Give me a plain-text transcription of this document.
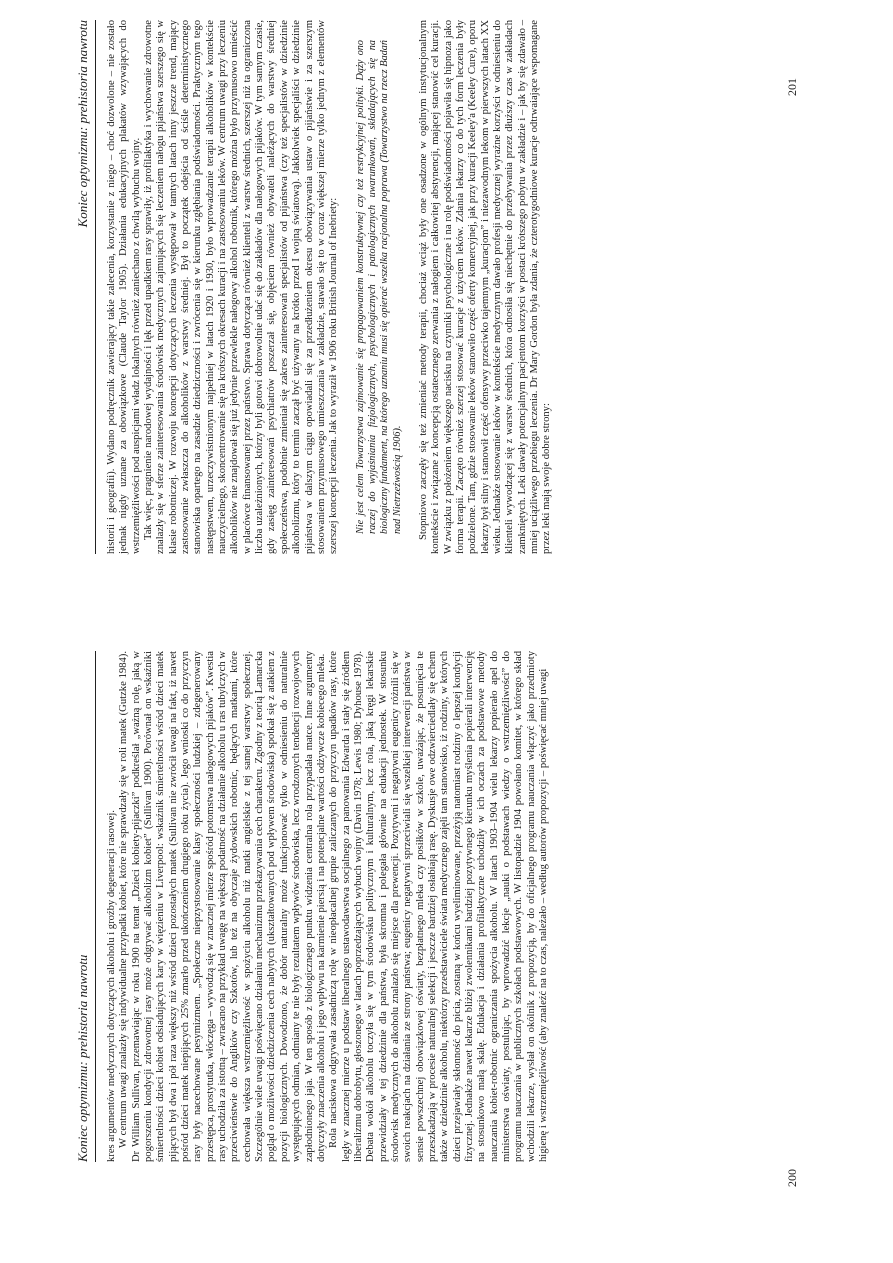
Koniec optymizmu: prehistoria nawrotu	kres argumentów medycznych dotyczących alkoholu i groźby degeneracji rasowej. W centrum uwagi znalazły się indywidualne przypadki kobiet, które nie sprawdzały się w roli matek (Gutzke 1984). Dr William Sullivan, przemawiając w roku 1900 na temat „Dzieci kobiety-pijaczki” podkreślał „ważną rolę, jaką w pogorszeniu kondycji zdrowotnej rasy może odgrywać alkoholizm kobiet” (Sullivan 1900). Porównał on wskaźniki śmiertelności dzieci kobiet odsiadujących kary w więzieniu w Liverpool: wskaźnik śmiertelności wśród dzieci matek pijących był dwa i pół raza większy niż wśród dzieci pozostałych matek (Sullivan nie zwrócił uwagi na fakt, iż nawet pośród dzieci matek niepijących 25% zmarło przed ukończeniem drugiego roku życia). Jego wnioski co do przyczyn rasy były nacechowane pesymizmem. „Społeczne niepzystosowanie klasy społeczności ludzkiej – zdegenerowany przestępca, prostytutka, włóczęga – wywodzą się w znacznej mierze spośród potomstwa nałogowych pijaków”. Kwestia rasy uchodziła za istotną – zwracano na przykład uwagę na większą podatność na działanie alkoholu u ras tubylczych w przeciwieństwie do Anglików czy Szkotów, lub też na obyczaje żydowskich robotnic, będących matkami, które cechowała większa wstrzemięźliwość w spożyciu alkoholu niż matki angielskie z tej samej warstwy społecznej. Szczególnie wiele uwagi poświęcano działaniu mechanizmu przekazywania cech charakteru. Zgodny z teorią Lamarcka pogląd o możliwości dziedziczenia cech nabytych (ukształtowanych pod wpływem środowiska) spotkał się z atakiem z pozycji biologicznych. Dowodzono, że dobór naturalny może funkcjonować tylko w odniesieniu do naturalnie występujących odmian, odmiany te nie były rezultatem wpływów środowiska, lecz wrodzonych tendencji rozwojowych zapłodnionego jaja. W ten sposób z biologicznego punktu widzenia centralna rola przypadała matce. Inne argumenty dotyczyły znaczenia alkoholu i jego wpływu na karmienie piersią i na potencjalne wartości odżywcze kobiecego mleka. Rola naciskowa odgrywała zasadniczą rolę w nieopłacalnej grupie zaliczanych do przyczyn upadków rasy, które legły w znacznej mierze u podstaw liberalnego ustawodawstwa socjalnego za panowania Edwarda i stały się źródłem liberalizmu dobrobytu, głoszonego w latach poprzedzających wybuch wojny (Davin 1978; Lewis 1980; Dyhouse 1978). Debata wokół alkoholu toczyła się w tym środowisku politycznym i kulturalnym, lecz rola, jaką kręgi lekarskie przewidziały w tej dziedzinie dla państwa, była skromna i polegała głównie na edukacji jednostek. W stosunku środowisk medycznych do alkoholu znalazło się miejsce dla prewencji. Pozytywni i negatywni eugenicy różnili się w swoich reakcjach na działania ze strony państwa; eugenicy negatywni sprzeciwiali się wszelkiej interwencji państwa w sensie powszechnej obowiązkowej oświaty, bezpłatnego mleka czy posiłków w szkole, uważając, że posunięcia te przeszkadzają w procesie naturalnej selekcji i jeszcze bardziej osłabiają rasę. Dyskusje owe odzwierciedlały się echem także w dziedzinie alkoholu, niektórzy przedstawiciele świata medycznego zajęli tam stanowisko, iż rodziny, w których dzieci przejawiały skłonność do picia, zostaną w końcu wyeliminowane, przeżyją natomiast rodziny o lepszej kondycji fizycznej. Jednakże nawet lekarze bliżej zwolennikami bardziej pozytywnego kierunku myślenia popierali interwencję na stosunkowo małą skalę. Edukacja i działania profilaktyczne uchodziły w ich oczach za podstawowe metody nauczania kobiet-robotnic ograniczania spożycia alkoholu. W latach 1903–1904 wielu lekarzy popierało apel do ministerstwa oświaty, postulując, by wprowadzić lekcje „nauki o podstawach wiedzy o wstrzemięźliwości” do programu nauczania w publicznych szkołach podstawowych. W listopadzie 1904 powołano komitet, w którego skład wchodzili lekarze, wysłał on okólnik z propozycją, by do oficjalnego programu nauczania włączyć jako przedmioty higienę i wstrzemięźliwość (aby znaleźć na to czas, należało – według autorów propozycji – poświęcać mniej uwagi

200
Koniec optymizmu: prehistoria nawrotu	historii i geografii). Wydano podręcznik zawierający takie zalecenia, korzystanie z niego – choć dozwolone – nie zostało jednak nigdy uznane za obowiązkowe (Claude Taylor 1905). Działania edukacyjnych plakatów wzywających do wstrzemięźliwości pod auspicjami władz lokalnych również zaniechano z chwilą wybuchu wojny. Tak więc, pragnienie narodowej wydajności i lęk przed upadkiem rasy sprawiły, iż profilaktyka i wychowanie zdrowotne znalazły się w sferze zainteresowania środowisk medycznych zajmujących się leczeniem nałogu pijaństwa szerszego się w klasie robotniczej. W rozwoju koncepcji dotyczących leczenia występował w tamtych latach inny jeszcze trend, mający zastosowanie zwłaszcza do alkoholików z warstwy średniej. Był to początek odejścia od ściśle deterministycznego stanowiska opartego na zasadzie dziedziczności i zwrócenia się w kierunku zgłębiania podświadomości. Praktycznym tego następstwem, urzeczywistnionym najpełniej w latach 1920 i 1930, było wprowadzanie terapii alkoholików w kontekście nauczycielnego, skoncentrowanie się na krótszych okresach kuracji i na zastosowaniu leków. W centrum uwagi przy leczeniu alkoholików nie znajdował się już jedynie przewlekle nałogowy alkohol robotnik, którego można było przymusowo umieścić w placówce finansowanej przez państwo. Sprawa dotycząca również klienteli z warstw średnich, szerszej niż ta ograniczona liczba uzależnionych, którzy byli gotowi dobrowolnie udać się do zakładów dla nałogowych pijaków. W tym samym czasie, gdy zasięg zainteresowań psychiatrów poszerzał się, objęciem również obywateli należących do warstwy średniej społeczeństwa, podobnie zmieniał się zakres zainteresowań specjalistów od pijaństwa (czy też specjalistów w dziedzinie alkoholizmu, który to termin zaczął być używany na krótko przed I wojną światową). Jakkolwiek specjaliści w dziedzinie pijaństwa w dalszym ciągu opowiadali się za przedłużeniem okresu obowiązywania ustaw o pijaństwie i za szerszym stosowaniem przymusowego umieszczania w zakładzie, stawało się to w coraz większej mierze tylko jednym z elementów szerszej koncepcji leczenia. Jak to wyraził w 1906 roku British Journal of Inebriety: Nie jest celem Towarzystwa zajmowanie się propagowaniem konstruktywnej czy też restrykcyjnej polityki. Dąży ono raczej do wyjaśniania fizjologicznych, psychologicznych i patologicznych uwarunkowań, składających się na biologiczny fundament, na którego uznaniu musi się opierać wszelka racjonalna poprawa (Towarzystwo na rzecz Badań nad Nietrzeźwością 1906). Stopniowo zaczęły się też zmieniać metody terapii, chociaż wciąż były one osadzone w ogólnym instytucjonalnym kontekście i związane z koncepcją ostatecznego zerwania z nałogiem i całkowitej abstynencji, mającej stanowić cel kuracji. W związku z położeniem większego nacisku na czynniki psychologiczne i na rolę podświadomości pojawiła się hipnoza jako forma terapii. Zaczęto również szerzej stosować kuracje z użyciem leków. Zdania lekarzy co do tych form leczenia były podzielone. Tam, gdzie stosowanie leków stanowiło część oferty komercyjnej, jak przy kuracji Keeley'a (Keeley Cure), oporu lekarzy był silny i stanowił część ofensywy przeciwko tajemnym „kuracjom” i niezawodnym lekom w pierwszych latach XX wieku. Jednakże stosowanie leków w kontekście medycznym dawało profesji medycznej wyraźne korzyści w odniesieniu do klienteli wywodzącej się z warstw średnich, która odnosiła się niechętnie do przebywania przez dłuższy czas w zakładach zamkniętych. Leki dawały potencjalnym pacjentom korzyści w postaci krótszego pobytu w zakładzie i – jak by się zdawało – mniej uciążliwego przebiegu leczenia. Dr Mary Gordon była zdania, że czterotygodniowe kuracje odtrwaiające wspomagane przez leki mają swoje dobre strony:

201
